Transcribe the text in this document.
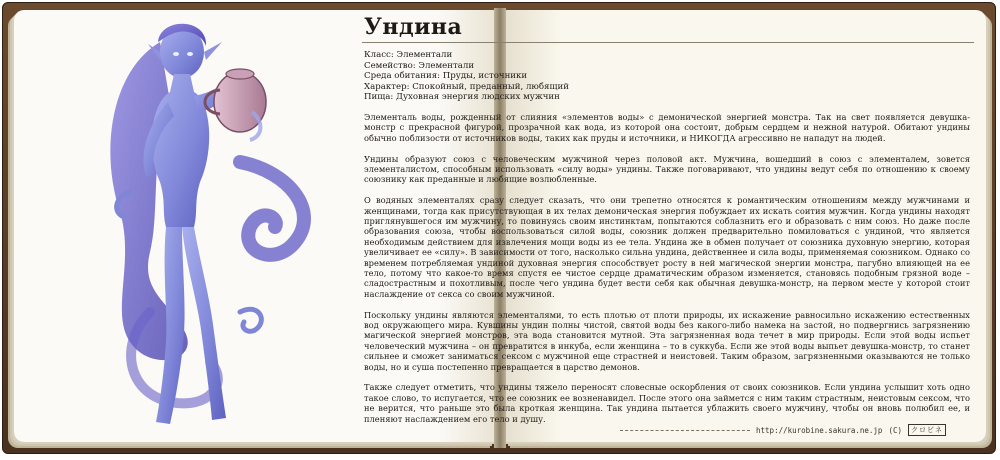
Ундина
Класс: Элементали
Семейство: Элементали
Среда обитания: Пруды, источники
Характер: Спокойный, преданный, любящий
Пища: Духовная энергия людских мужчин

Элементаль воды, рожденный от слияния «элементов воды» с демонической энергией монстра. Так на свет появляется девушка-монстр с прекрасной фигурой, прозрачной как вода, из которой она состоит, добрым сердцем и нежной натурой. Обитают ундины обычно поблизости от источников воды, таких как пруды и источники, и НИКОГДА агрессивно не нападут на людей.

Ундины образуют союз с человеческим мужчиной через половой акт. Мужчина, вошедший в союз с элементалем, зовется элементалистом, способным использовать «силу воды» ундины. Также поговаривают, что ундины ведут себя по отношению к своему союзнику как преданные и любящие возлюбленные.

О водяных элементалях сразу следует сказать, что они трепетно относятся к романтическим отношениям между мужчинами и женщинами, тогда как присутствующая в их телах демоническая энергия побуждает их искать соития мужчин. Когда ундины находят приглянувшегося им мужчину, то повинуясь своим инстинктам, попытаются соблазнить его и образовать с ним союз. Но даже после образования союза, чтобы воспользоваться силой воды, союзник должен предварительно помиловаться с ундиной, что является необходимым действием для извлечения мощи воды из ее тела. Ундина же в обмен получает от союзника духовную энергию, которая увеличивает ее «силу». В зависимости от того, насколько сильна ундина, действеннее и сила воды, применяемая союзником. Однако со временем потребляемая ундиной духовная энергия способствует росту в ней магической энергии монстра, пагубно влияющей на ее тело, потому что какое-то время спустя ее чистое сердце драматическим образом изменяется, становясь подобным грязной воде – сладострастным и похотливым, после чего ундина будет вести себя как обычная девушка-монстр, на первом месте у которой стоит наслаждение от секса со своим мужчиной.

Поскольку ундины являются элементалями, то есть плотью от плоти природы, их искажение равносильно искажению естественных вод окружающего мира. Кувшины ундин полны чистой, святой воды без какого-либо намека на застой, но подвергнись загрязнению магической энергией монстров, эта вода становится мутной. Эта загрязненная вода течет в мир природы. Если этой воды испьет человеческий мужчина – он превратится в инкуба, если женщина – то в суккуба. Если же этой воды выпьет девушка-монстр, то станет сильнее и сможет заниматься сексом с мужчиной еще страстней и неистовей. Таким образом, загрязненными оказываются не только воды, но и суша постепенно превращается в царство демонов.

Также следует отметить, что ундины тяжело переносят словесные оскорбления от своих союзников. Если ундина услышит хоть одно такое слово, то испугается, что ее союзник ее возненавидел. После этого она займется с ним таким страстным, неистовым сексом, что не верится, что раньше это была кроткая женщина. Так ундина пытается ублажить своего мужчину, чтобы он вновь полюбил ее, и пленяют наслаждением его тело и душу.

http://kurobine.sakura.ne.jp (C)	クロビネ
